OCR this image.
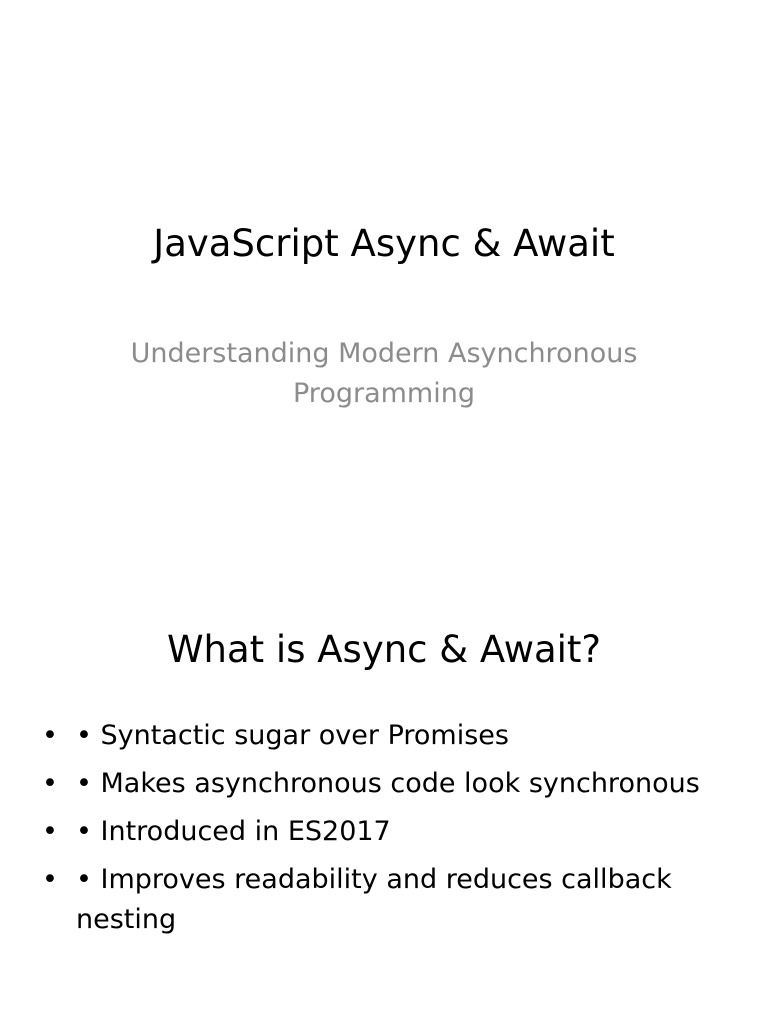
JavaScript Async & Await

Understanding Modern Asynchronous Programming

What is Async & Await?
• • Syntactic sugar over Promises
• • Makes asynchronous code look synchronous
• • Introduced in ES2017
• • Improves readability and reduces callback nesting
